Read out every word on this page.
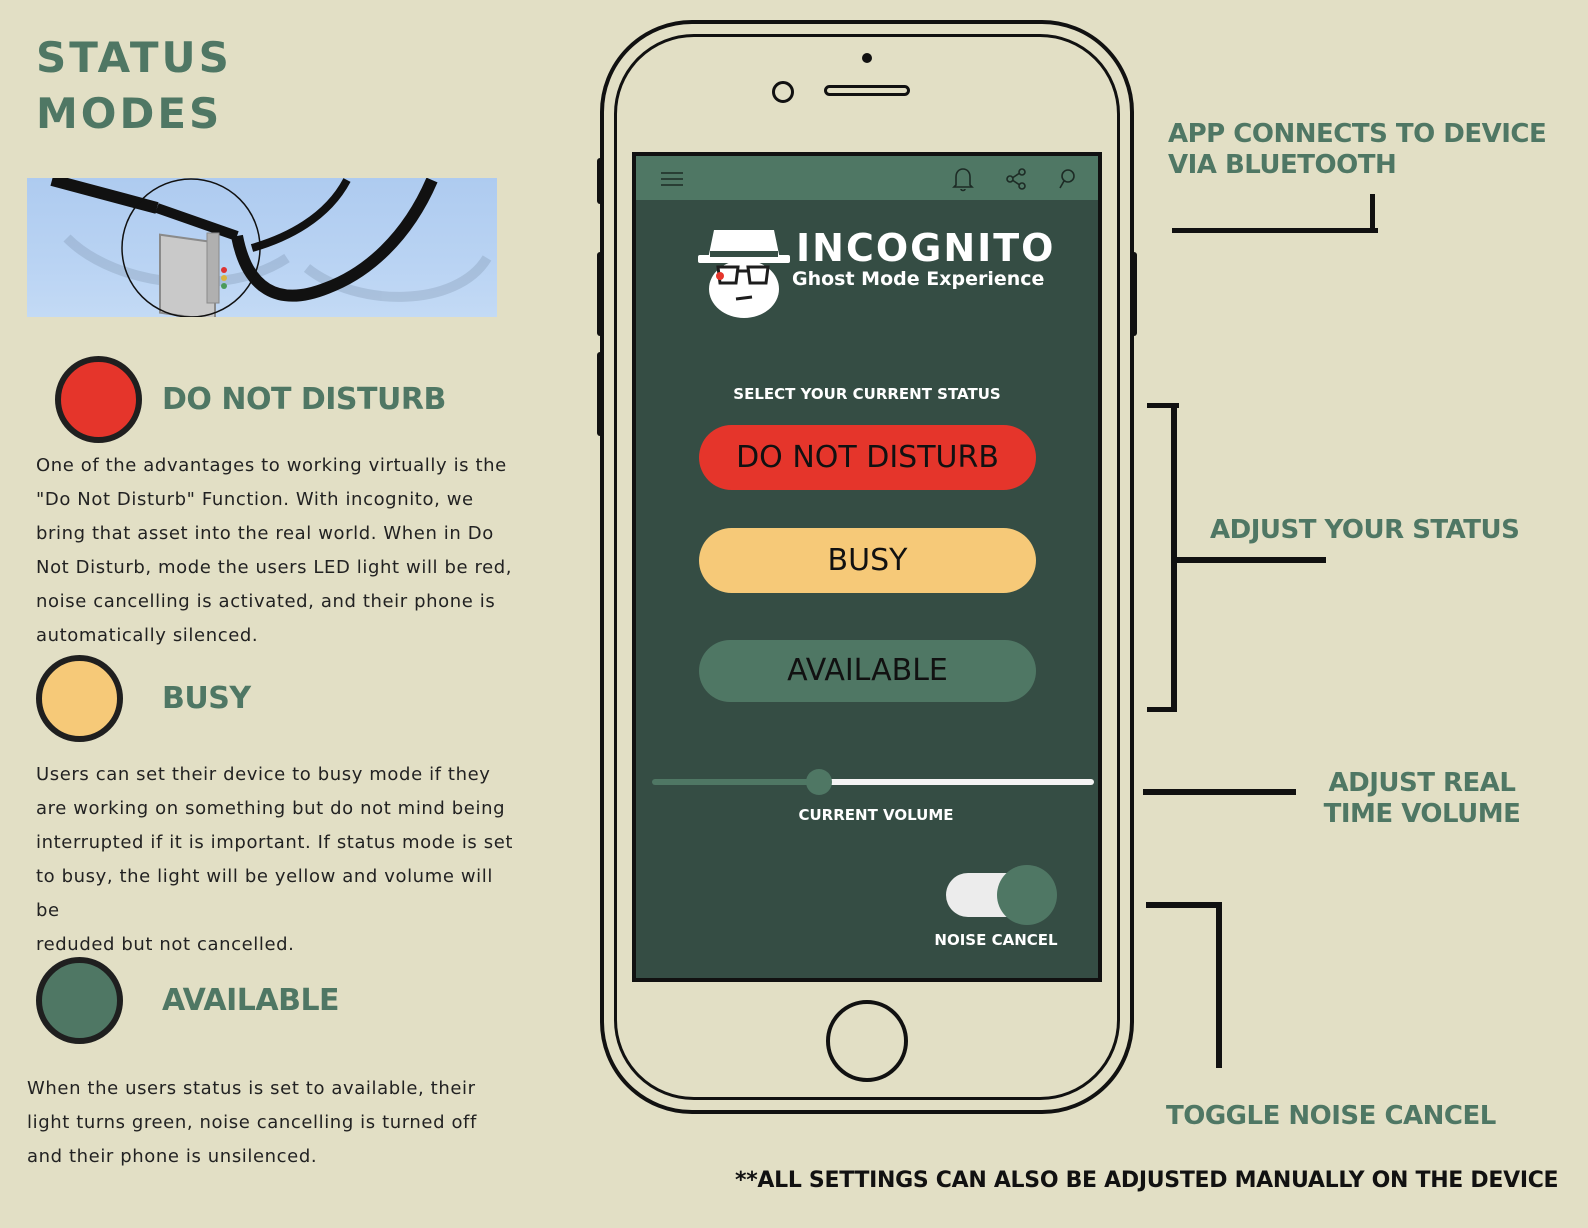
STATUS
MODES
DO NOT DISTURB
One of the advantages to working virtually is the
"Do Not Disturb" Function. With incognito, we
bring that asset into the real world. When in Do
Not Disturb, mode the users LED light will be red,
noise cancelling is activated, and their phone is
automatically silenced.
BUSY
Users can set their device to busy mode if they
are working on something but do not mind being
interrupted if it is important. If status mode is set
to busy, the light will be yellow and volume will be
reduded but not cancelled.
AVAILABLE
When the users status is set to available, their
light turns green, noise cancelling is turned off
and their phone is unsilenced.
INCOGNITO
Ghost Mode Experience
SELECT YOUR CURRENT STATUS
DO NOT DISTURB
BUSY
AVAILABLE
CURRENT VOLUME
NOISE CANCEL
APP CONNECTS TO DEVICE
VIA BLUETOOTH
ADJUST YOUR STATUS
ADJUST REAL
TIME VOLUME
TOGGLE NOISE CANCEL
**ALL SETTINGS CAN ALSO BE ADJUSTED MANUALLY ON THE DEVICE
